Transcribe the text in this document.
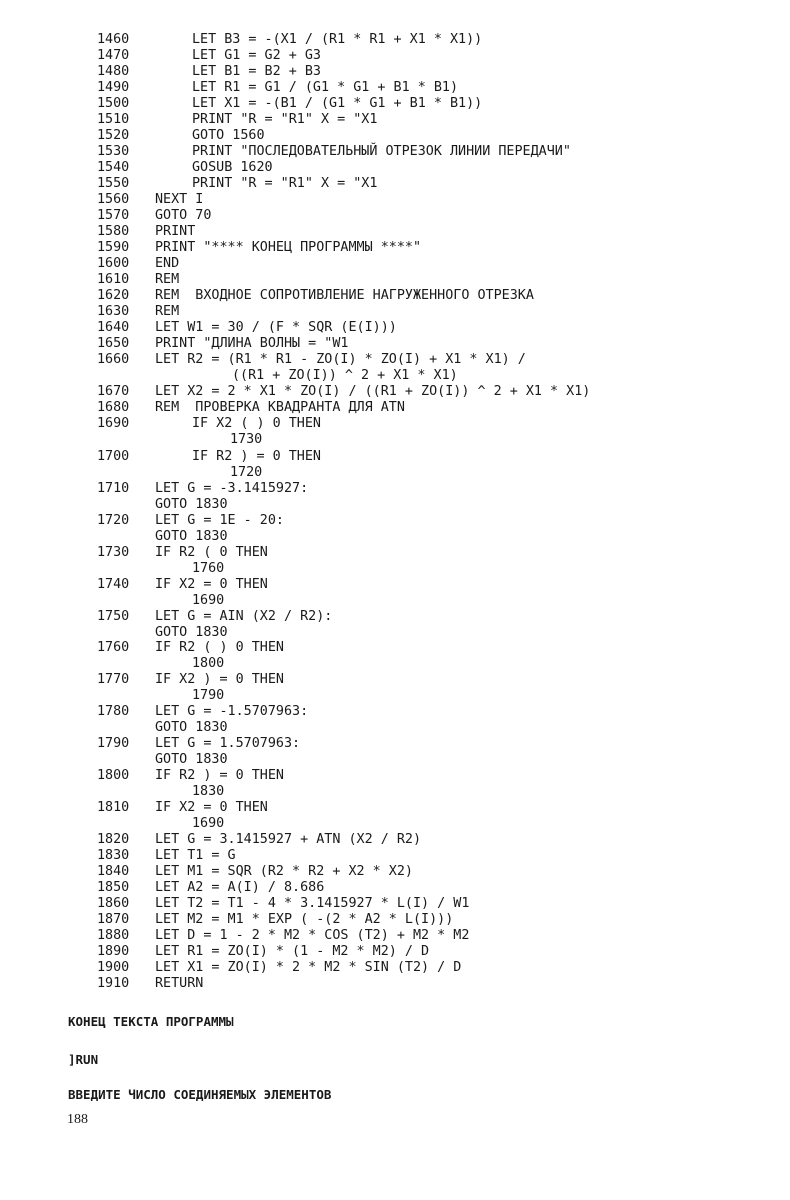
1460	LET B3 = -(X1 / (R1 * R1 + X1 * X1))
1470	LET G1 = G2 + G3
1480	LET B1 = B2 + B3
1490	LET R1 = G1 / (G1 * G1 + B1 * B1)
1500	LET X1 = -(B1 / (G1 * G1 + B1 * B1))
1510	PRINT "R = "R1" X = "X1
1520	GOTO 1560
1530	PRINT "ПОСЛЕДОВАТЕЛЬНЫЙ ОТРЕЗОК ЛИНИИ ПЕРЕДАЧИ"
1540	GOSUB 1620
1550	PRINT "R = "R1" X = "X1
1560 NEXT I
1570 GOTO 70
1580 PRINT
1590 PRINT "**** КОНЕЦ ПРОГРАММЫ ****"
1600 END
1610 REM
1620 REM  ВХОДНОЕ СОПРОТИВЛЕНИЕ НАГРУЖЕННОГО ОТРЕЗКА
1630 REM
1640 LET W1 = 30 / (F * SQR (E(I)))
1650 PRINT "ДЛИНА ВОЛНЫ = "W1
1660 LET R2 = (R1 * R1 - ZO(I) * ZO(I) + X1 * X1) /
((R1 + ZO(I)) ^ 2 + X1 * X1)
1670 LET X2 = 2 * X1 * ZO(I) / ((R1 + ZO(I)) ^ 2 + X1 * X1)
1680 REM  ПРОВЕРКА КВАДРАНТА ДЛЯ ATN
1690	IF X2 ( ) 0 THEN
1730
1700	IF R2 ) = 0 THEN
1720
1710 LET G = -3.1415927:
GOTO 1830
1720 LET G = 1E - 20:
GOTO 1830
1730 IF R2 ( 0 THEN
1760
1740 IF X2 = 0 THEN
1690
1750 LET G = AIN (X2 / R2):
GOTO 1830
1760 IF R2 ( ) 0 THEN
1800
1770 IF X2 ) = 0 THEN
1790
1780 LET G = -1.5707963:
GOTO 1830
1790 LET G = 1.5707963:
GOTO 1830
1800 IF R2 ) = 0 THEN
1830
1810 IF X2 = 0 THEN
1690
1820 LET G = 3.1415927 + ATN (X2 / R2)
1830 LET T1 = G
1840 LET M1 = SQR (R2 * R2 + X2 * X2)
1850 LET A2 = A(I) / 8.686
1860 LET T2 = T1 - 4 * 3.1415927 * L(I) / W1
1870 LET M2 = M1 * EXP ( -(2 * A2 * L(I)))
1880 LET D = 1 - 2 * M2 * COS (T2) + M2 * M2
1890 LET R1 = ZO(I) * (1 - M2 * M2) / D
1900 LET X1 = ZO(I) * 2 * M2 * SIN (T2) / D
1910 RETURN
КОНЕЦ ТЕКСТА ПРОГРАММЫ
]RUN
ВВЕДИТЕ ЧИСЛО СОЕДИНЯЕМЫХ ЭЛЕМЕНТОВ
188
